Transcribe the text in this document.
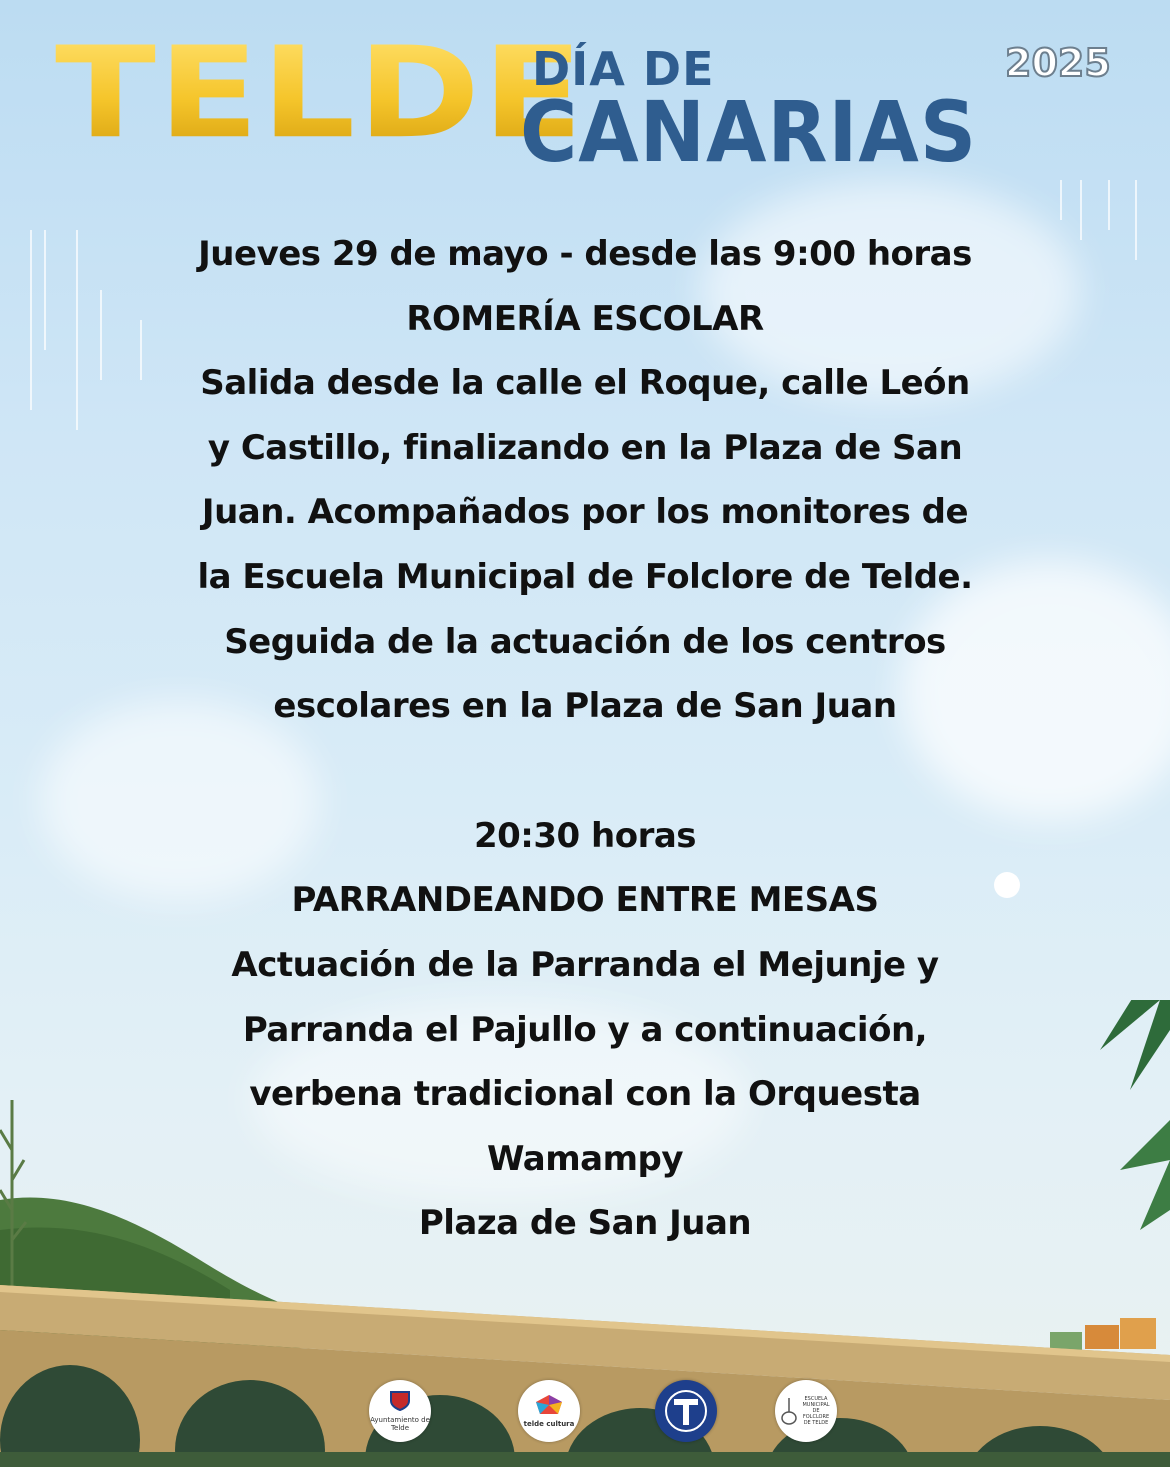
TELDE
DÍA DE
CANARIAS
2025
Jueves 29 de mayo - desde las 9:00 horas
ROMERÍA ESCOLAR
Salida desde la calle el Roque, calle León
y Castillo, finalizando en la Plaza de San
Juan. Acompañados por los monitores de
la Escuela Municipal de Folclore de Telde.
Seguida de la actuación de los centros
escolares en la Plaza de San Juan
20:30 horas
PARRANDEANDO ENTRE MESAS
Actuación de la Parranda el Mejunje y
Parranda el Pajullo y a continuación,
verbena tradicional con la Orquesta
Wamampy
Plaza de San Juan
Ayuntamiento de Telde	telde cultura
ESCUELA MUNICIPAL DE FOLCLORE DE TELDE
